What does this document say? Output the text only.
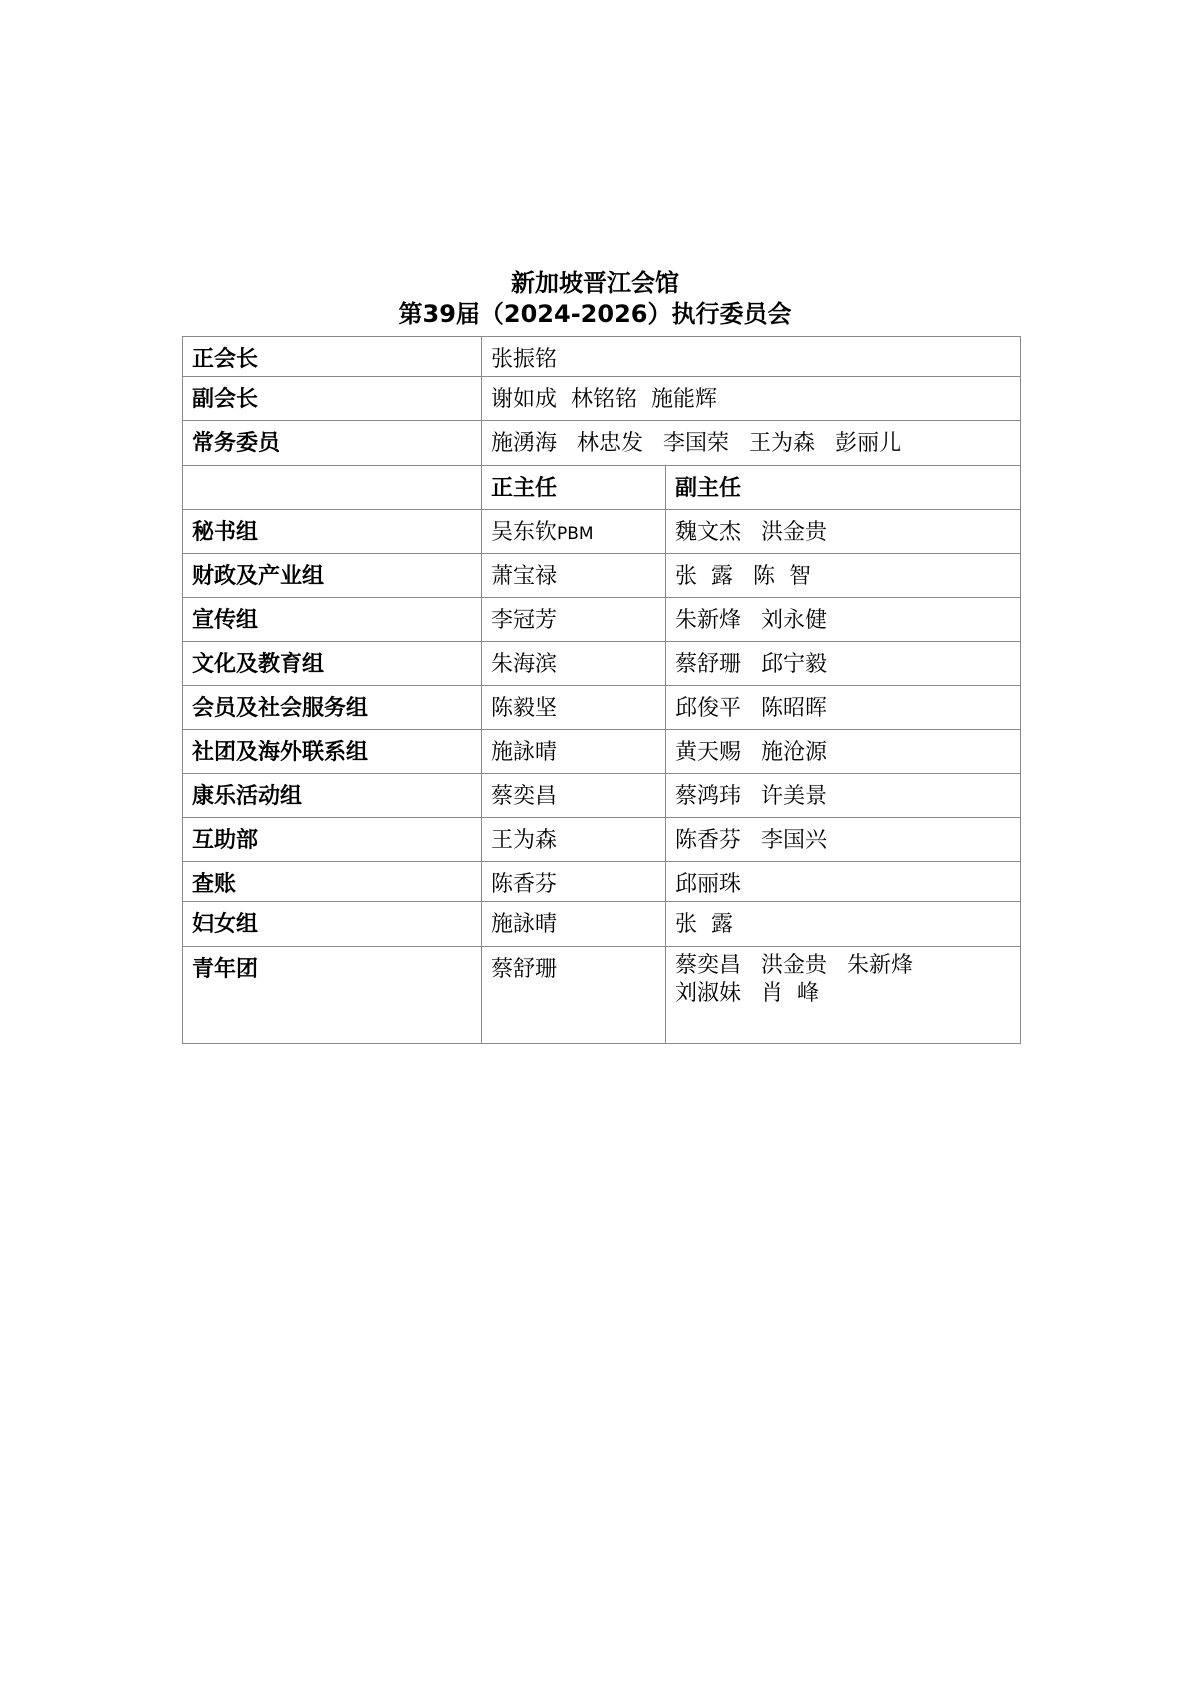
新加坡晋江会馆
第39届（2024-2026）执行委员会
正会长	张振铭	
副会长	谢如成 林铭铭 施能辉	
常务委员	施湧海 林忠发 李国荣 王为森 彭丽儿	
	正主任	副主任
秘书组	吴东钦PBM	魏文杰 洪金贵
财政及产业组	萧宝禄	张  露 陈  智
宣传组	李冠芳	朱新烽 刘永健
文化及教育组	朱海滨	蔡舒珊 邱宁毅
会员及社会服务组	陈毅坚	邱俊平 陈昭晖
社团及海外联系组	施詠晴	黄天赐 施沧源
康乐活动组	蔡奕昌	蔡鸿玮 许美景
互助部	王为森	陈香芬 李国兴
查账	陈香芬	邱丽珠
妇女组	施詠晴	张  露
青年团	蔡舒珊	蔡奕昌 洪金贵 朱新烽
刘淑妹 肖  峰
